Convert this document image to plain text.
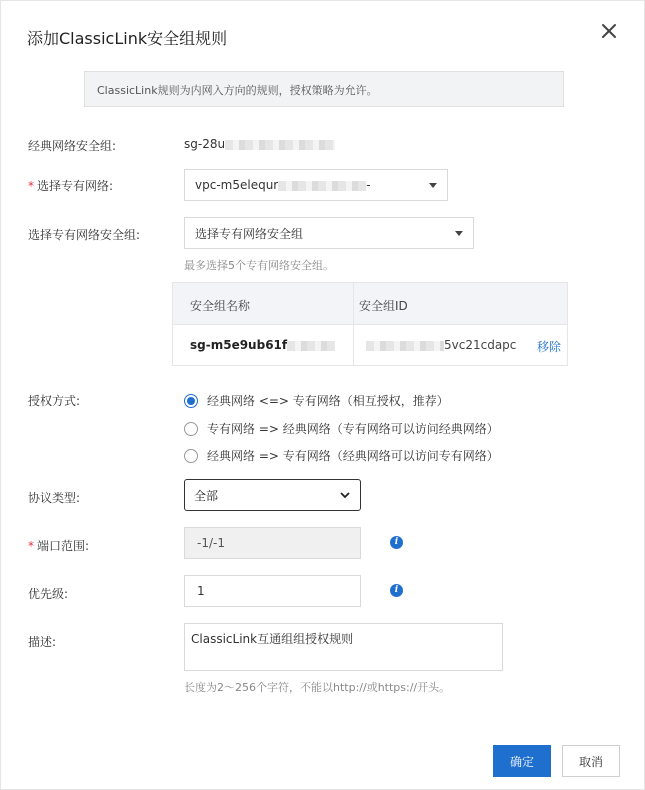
添加ClassicLink安全组规则
ClassicLink规则为内网入方向的规则，授权策略为允许。
经典网络安全组:	sg-28u
* 选择专有网络:	vpc-m5elequr	-
选择专有网络安全组:	选择专有网络安全组
最多选择5个专有网络安全组。
安全组名称	安全组ID
sg-m5e9ub61f	5vc21cdapc	移除
授权方式:	经典网络 <=> 专有网络（相互授权，推荐）
专有网络 => 经典网络（专有网络可以访问经典网络）
经典网络 => 专有网络（经典网络可以访问专有网络）
协议类型:	全部
* 端口范围:	-1/-1	i
优先级:	1	i
描述:	ClassicLink互通组组授权规则
长度为2～256个字符，不能以http://或https://开头。
确定	取消
